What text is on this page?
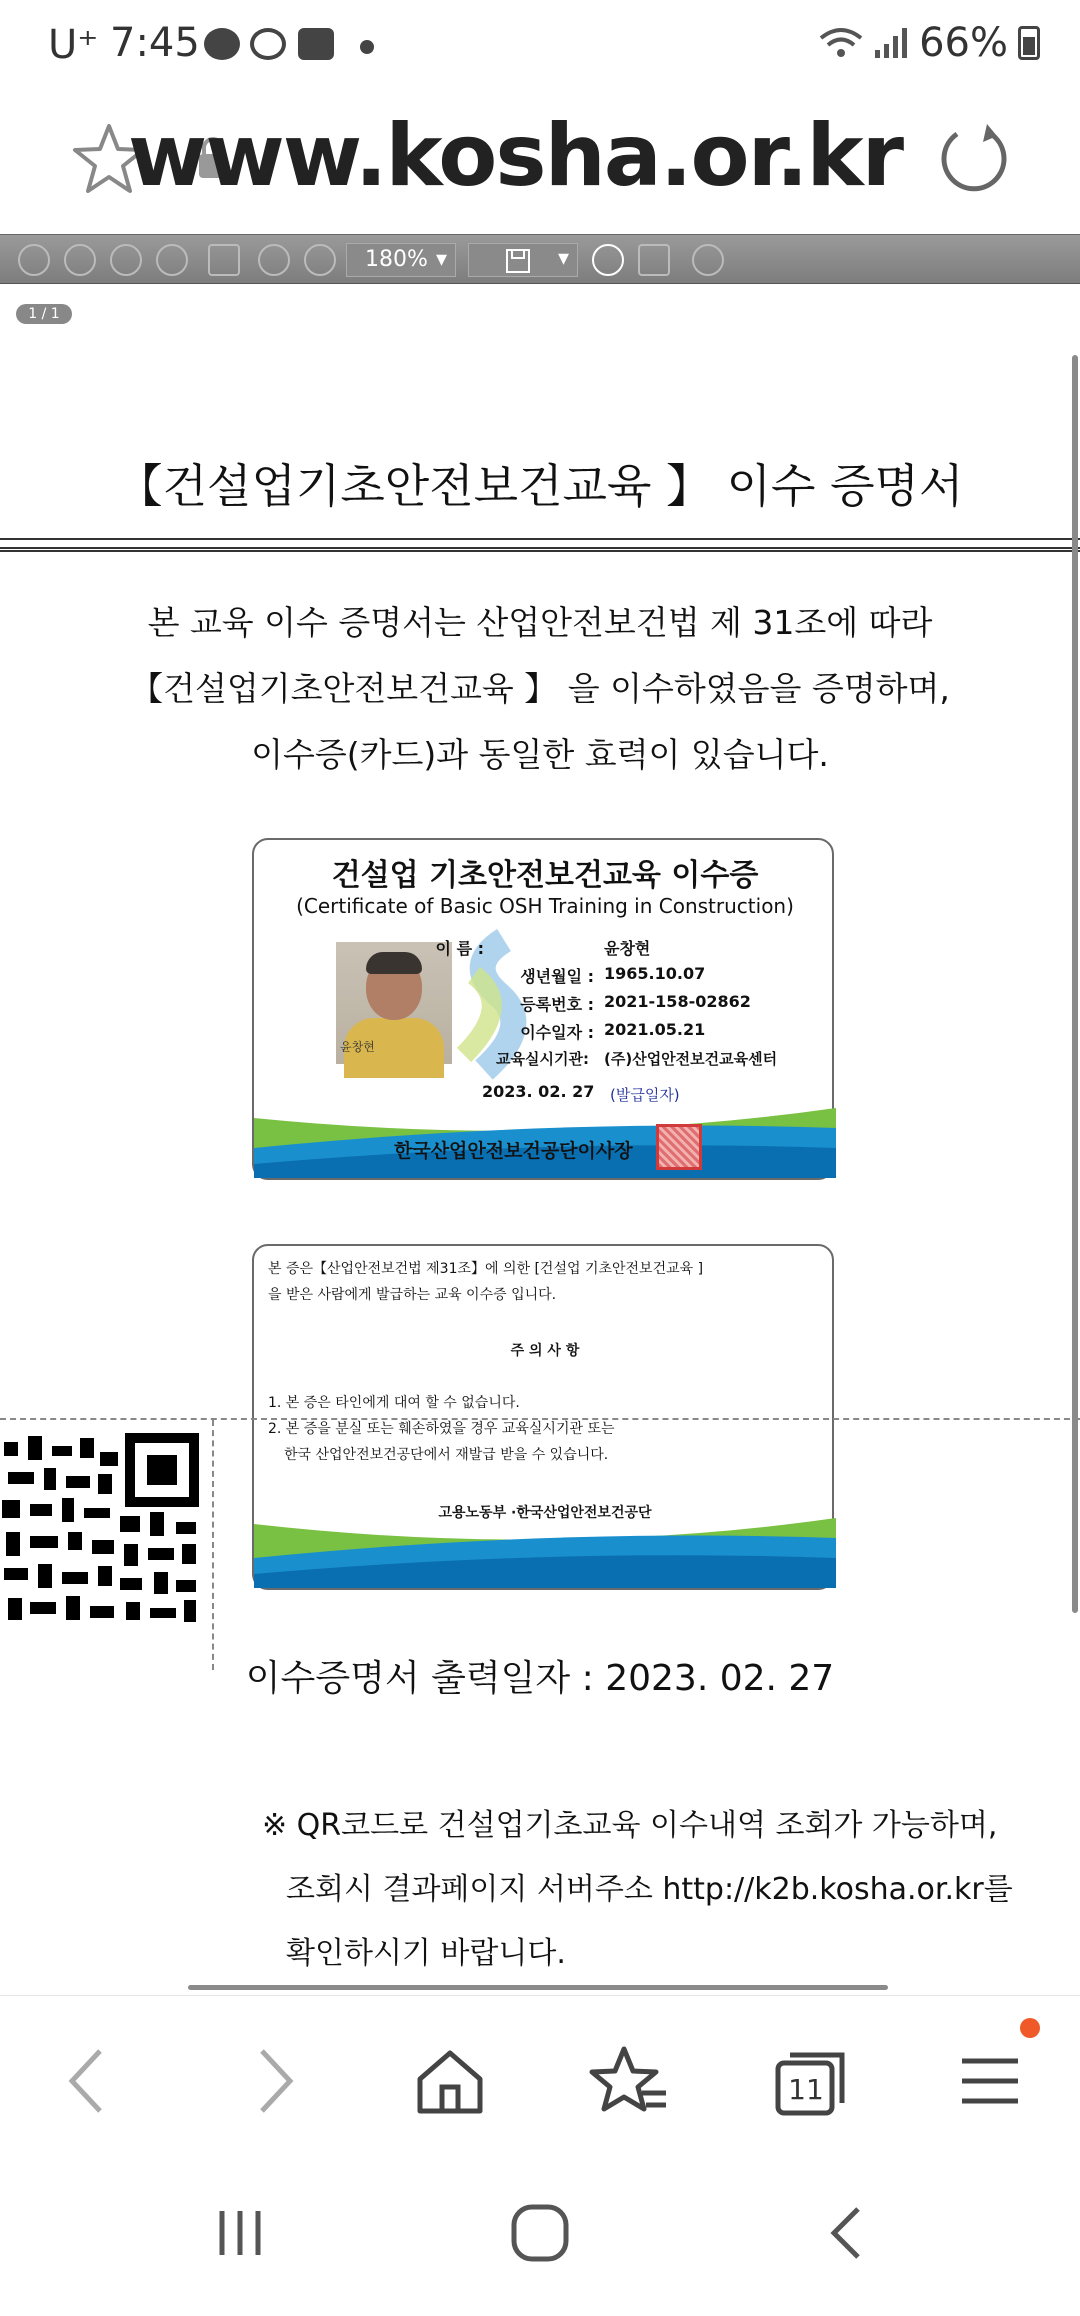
U⁺ 7:45	66%
www.kosha.or.kr
180% ▾
▾
1 / 1
【건설업기초안전보건교육 】 이수 증명서
본 교육 이수 증명서는 산업안전보건법 제 31조에 따라
【건설업기초안전보건교육 】 을 이수하였음을 증명하며,
이수증(카드)과 동일한 효력이 있습니다.
건설업 기초안전보건교육 이수증
(Certificate of Basic OSH Training in Construction)
윤창현
이 름 :	윤창현
생년월일 : 1965.10.07
등록번호 : 2021-158-02862
이수일자 : 2021.05.21
교육실시기관: (주)산업안전보건교육센터
2023. 02. 27 (발급일자)
한국산업안전보건공단이사장
본 증은【산업안전보건법 제31조】에 의한 [건설업 기초안전보건교육 ]
을 받은 사람에게 발급하는 교육 이수증 입니다.
주 의 사 항
1. 본 증은 타인에게 대여 할 수 없습니다.
2. 본 증을 분실 또는 훼손하였을 경우 교육실시기관 또는
한국 산업안전보건공단에서 재발급 받을 수 있습니다.
고용노동부 ·한국산업안전보건공단
이수증명서 출력일자 : 2023. 02. 27
※ QR코드로 건설업기초교육 이수내역 조회가 가능하며,
조회시 결과페이지 서버주소 http://k2b.kosha.or.kr를
확인하시기 바랍니다.
11
